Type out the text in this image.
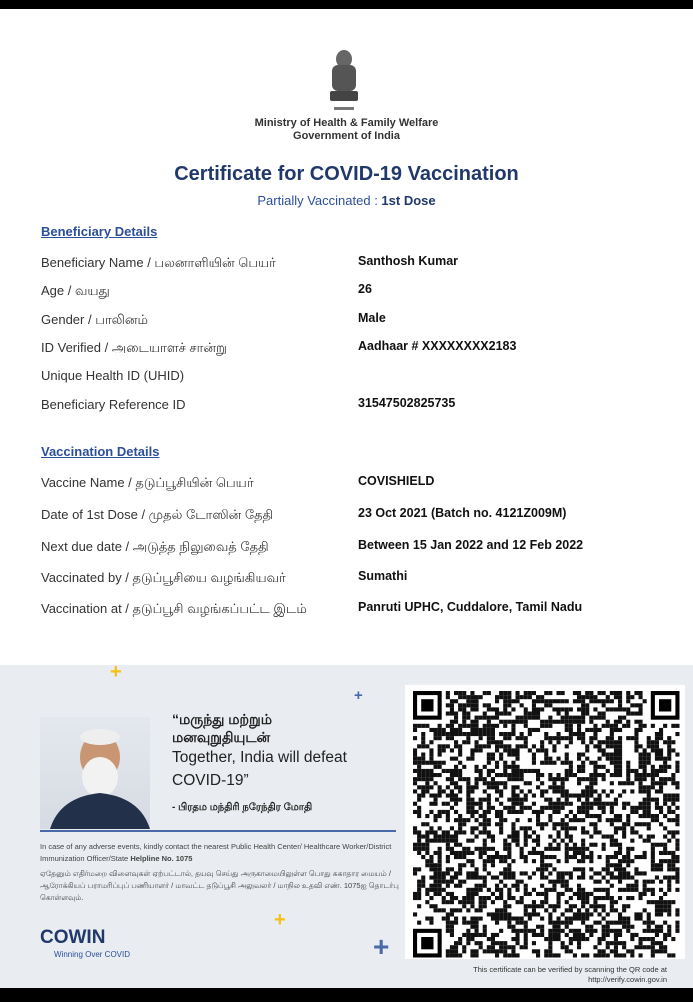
Ministry of Health & Family Welfare
Government of India
Certificate for COVID-19 Vaccination
Partially Vaccinated : 1st Dose
Beneficiary Details
Beneficiary Name / பலனாளியின் பெயர்	Santhosh Kumar
Age / வயது	26
Gender / பாலினம்	Male
ID Verified / அடையாளச் சான்று	Aadhaar # XXXXXXXX2183
Unique Health ID (UHID)
Beneficiary Reference ID	31547502825735
Vaccination Details
Vaccine Name / தடுப்பூசியின் பெயர்	COVISHIELD
Date of 1st Dose / முதல் டோஸின் தேதி	23 Oct 2021 (Batch no. 4121Z009M)
Next due date / அடுத்த நிலுவைத் தேதி	Between 15 Jan 2022 and 12 Feb 2022
Vaccinated by / தடுப்பூசியை வழங்கியவர்	Sumathi
Vaccination at / தடுப்பூசி வழங்கப்பட்ட இடம்	Panruti UPHC, Cuddalore, Tamil Nadu
+
+
“மருந்து மற்றும்
மனவுறுதியுடன்
Together, India will defeat
COVID-19”
- பிரதம மந்திரி நரேந்திர மோதி
In case of any adverse events, kindly contact the nearest Public Health Center/ Healthcare Worker/District Immunization Officer/State Helpline No. 1075
ஏதேனும் எதிர்மறை விளைவுகள் ஏற்பட்டால், தயவு செய்து அருகாமையிலுள்ள பொது சுகாதார மையம் / ஆரோக்கியப் பராமரிப்புப் பணியாளர் / மாவட்ட தடுப்பூசி அலுவலர் / மாநில உதவி எண். 1075ஐ தொடர்பு கொள்ளவும்.
+
+
COWIN
Winning Over COVID
This certificate can be verified by scanning the QR code at
http://verify.cowin.gov.in
